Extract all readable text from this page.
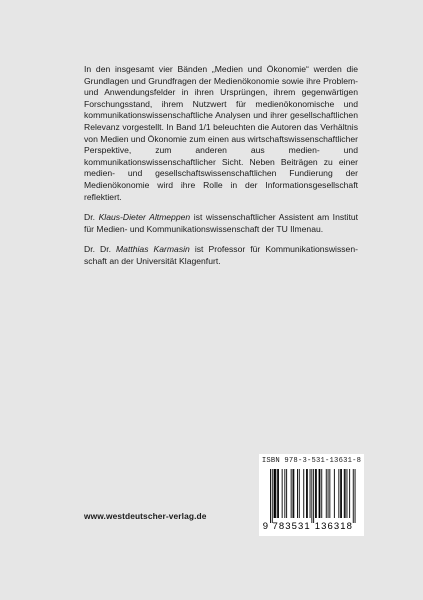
In den insgesamt vier Bänden „Medien und Ökonomie“ werden die Grundlagen und Grundfragen der Medienökonomie sowie ihre Problem- und Anwendungsfelder in ihren Ursprüngen, ihrem gegenwärtigen Forschungsstand, ihrem Nutzwert für medienökonomische und kommunikationswissenschaftliche Analysen und ihrer gesellschaftlichen Relevanz vorgestellt. In Band 1/1 beleuchten die Autoren das Verhältnis von Medien und Ökonomie zum einen aus wirtschaftswissenschaftlicher Perspektive, zum anderen aus medien- und kommunikationswissenschaftlicher Sicht. Neben Beiträgen zu einer medien- und gesellschaftswissenschaftlichen Fundierung der Medienökonomie wird ihre Rolle in der Informationsgesellschaft reflektiert.

Dr. Klaus-Dieter Altmeppen ist wissenschaftlicher Assistent am Institut für Medien- und Kommunikationswissenschaft der TU Ilmenau.

Dr. Dr. Matthias Karmasin ist Professor für Kommunikationswissenschaft an der Universität Klagenfurt.

ISBN 978-3-531-13631-8
9 783531 136318
www.westdeutscher-verlag.de
